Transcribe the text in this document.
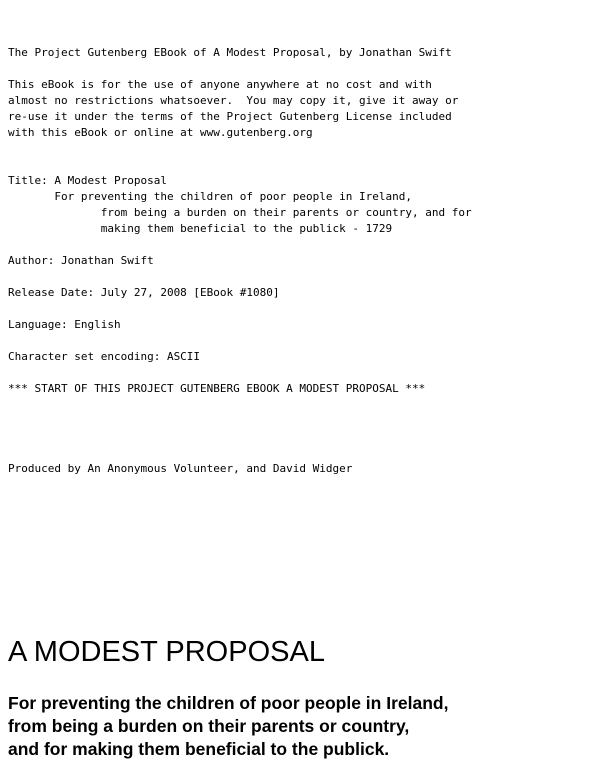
The Project Gutenberg EBook of A Modest Proposal, by Jonathan Swift
This eBook is for the use of anyone anywhere at no cost and with
almost no restrictions whatsoever.  You may copy it, give it away or
re-use it under the terms of the Project Gutenberg License included
with this eBook or online at www.gutenberg.org
Title: A Modest Proposal
For preventing the children of poor people in Ireland,
from being a burden on their parents or country, and for
making them beneficial to the publick - 1729
Author: Jonathan Swift
Release Date: July 27, 2008 [EBook #1080]
Language: English
Character set encoding: ASCII
*** START OF THIS PROJECT GUTENBERG EBOOK A MODEST PROPOSAL ***
Produced by An Anonymous Volunteer, and David Widger
A MODEST PROPOSAL
For preventing the children of poor people in Ireland,
from being a burden on their parents or country,
and for making them beneficial to the publick.
